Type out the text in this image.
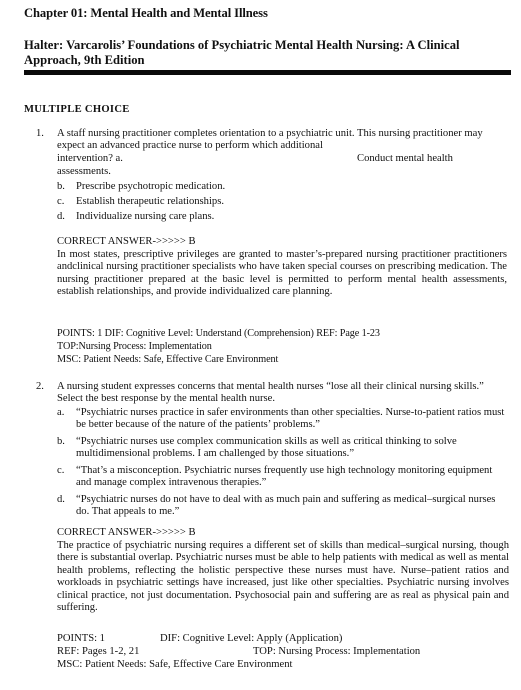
Chapter 01: Mental Health and Mental Illness
Halter: Varcarolis’ Foundations of Psychiatric Mental Health Nursing: A Clinical Approach, 9th Edition
MULTIPLE CHOICE
1. A staff nursing practitioner completes orientation to a psychiatric unit. This nursing practitioner may expect an advanced practice nurse to perform which additional
intervention? a.	Conduct mental health
assessments.
b. Prescribe psychotropic medication.
c. Establish therapeutic relationships.
d. Individualize nursing care plans.
CORRECT ANSWER->>>>> B
In most states, prescriptive privileges are granted to master’s-prepared nursing practitioner practitioners andclinical nursing practitioner specialists who have taken special courses on prescribing medication. The nursing practitioner prepared at the basic level is permitted to perform mental health assessments, establish relationships, and provide individualized care planning.
POINTS: 1 DIF: Cognitive Level: Understand (Comprehension) REF: Page 1-23
TOP:Nursing Process: Implementation
MSC: Patient Needs: Safe, Effective Care Environment
2. A nursing student expresses concerns that mental health nurses “lose all their clinical nursing skills.” Select the best response by the mental health nurse.
a. “Psychiatric nurses practice in safer environments than other specialties. Nurse-to-patient ratios must be better because of the nature of the patients’ problems.”
b. “Psychiatric nurses use complex communication skills as well as critical thinking to solve multidimensional problems. I am challenged by those situations.”
c. “That’s a misconception. Psychiatric nurses frequently use high technology monitoring equipment and manage complex intravenous therapies.”
d. “Psychiatric nurses do not have to deal with as much pain and suffering as medical–surgical nurses do. That appeals to me.”
CORRECT ANSWER->>>>> B
The practice of psychiatric nursing requires a different set of skills than medical–surgical nursing, though there is substantial overlap. Psychiatric nurses must be able to help patients with medical as well as mental health problems, reflecting the holistic perspective these nurses must have. Nurse–patient ratios and workloads in psychiatric settings have increased, just like other specialties. Psychiatric nursing involves clinical practice, not just documentation. Psychosocial pain and suffering are as real as physical pain and suffering.
POINTS: 1	DIF: Cognitive Level: Apply (Application)
REF: Pages 1-2, 21	TOP: Nursing Process: Implementation
MSC: Patient Needs: Safe, Effective Care Environment
